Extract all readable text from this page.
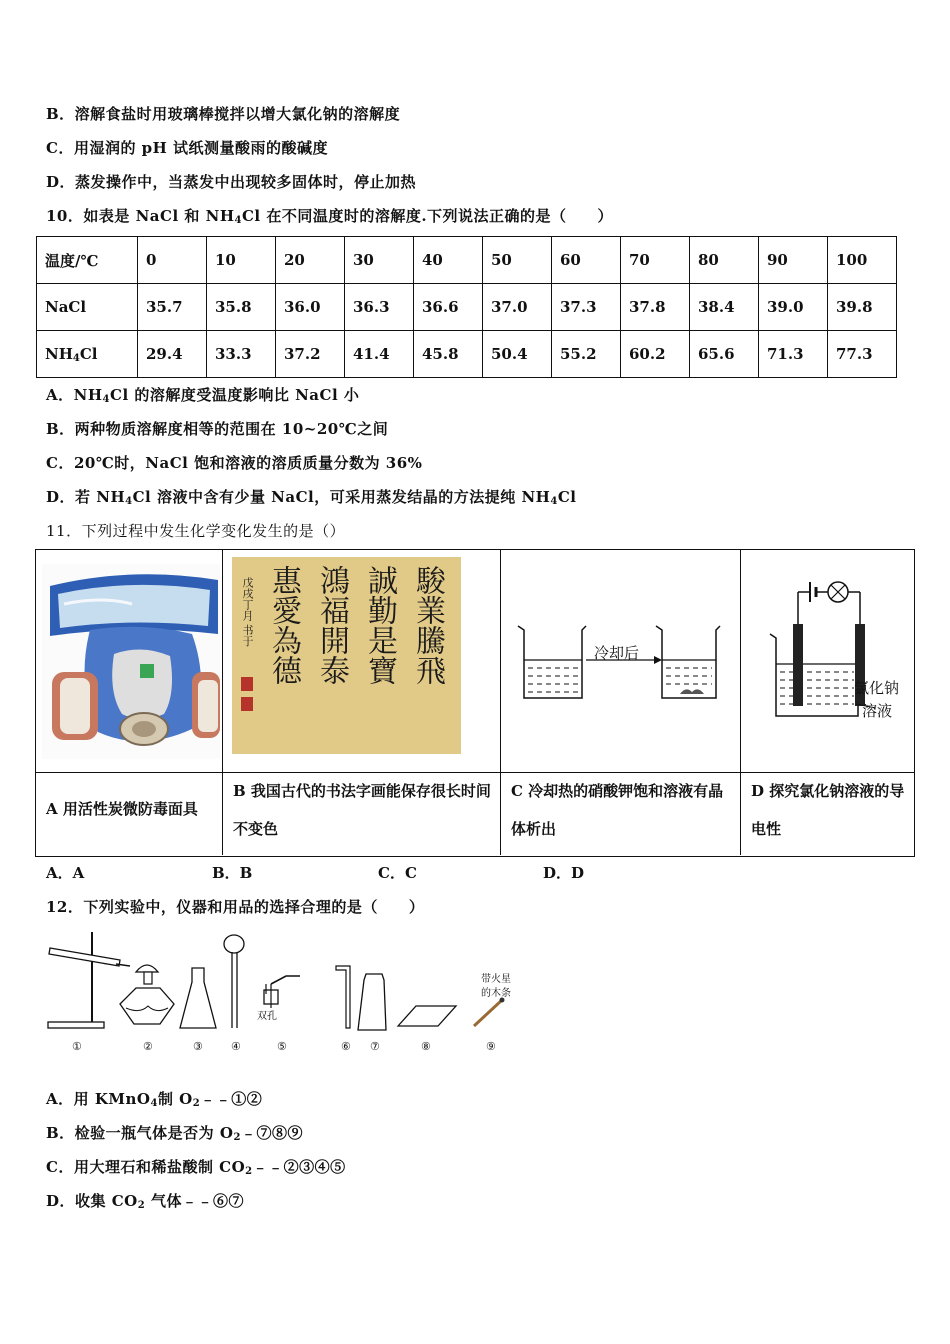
B．溶解食盐时用玻璃棒搅拌以增大氯化钠的溶解度
C．用湿润的 pH 试纸测量酸雨的酸碱度
D．蒸发操作中，当蒸发中出现较多固体时，停止加热
10．如表是 NaCl 和 $NH_4Cl$ 在不同温度时的溶解度.下列说法正确的是（　　）
温度/℃	0	10	20	30	40	50	60	70	80	90	100
NaCl	35.7	35.8	36.0	36.3	36.6	37.0	37.3	37.8	38.4	39.0	39.8
$NH_4Cl$	29.4	33.3	37.2	41.4	45.8	50.4	55.2	60.2	65.6	71.3	77.3
A．$NH_4Cl$ 的溶解度受温度影响比 NaCl 小
B．两种物质溶解度相等的范围在 10~20℃之间
C．20℃时，NaCl 饱和溶液的溶质质量分数为 36%
D．若 $NH_4Cl$ 溶液中含有少量 NaCl，可采用蒸发结晶的方法提纯 $NH_4Cl$
11．下列过程中发生化学变化发生的是（）
駿業騰飛
誠勤是寶
鴻福開泰
惠愛為德
戊戌丁月 书于
冷却后
氯化钠
溶液
A 用活性炭微防毒面具
B 我国古代的书法字画能保存很长时间不变色
C 冷却热的硝酸钾饱和溶液有晶体析出
D 探究氯化钠溶液的导电性
A．A	B．B	C．C	D．D
12．下列实验中，仪器和用品的选择合理的是（　　）
双孔
带火星
的木条
①	②	③	④	⑤	⑥ ⑦	⑧	⑨
A．用 KMnO$_4$制 $O_2﹣﹣①②$
B．检验一瓶气体是否为 $O_2﹣⑦⑧⑨$
C．用大理石和稀盐酸制 $CO_2﹣﹣②③④⑤$
D．收集 $CO_2$ 气体﹣﹣⑥⑦
